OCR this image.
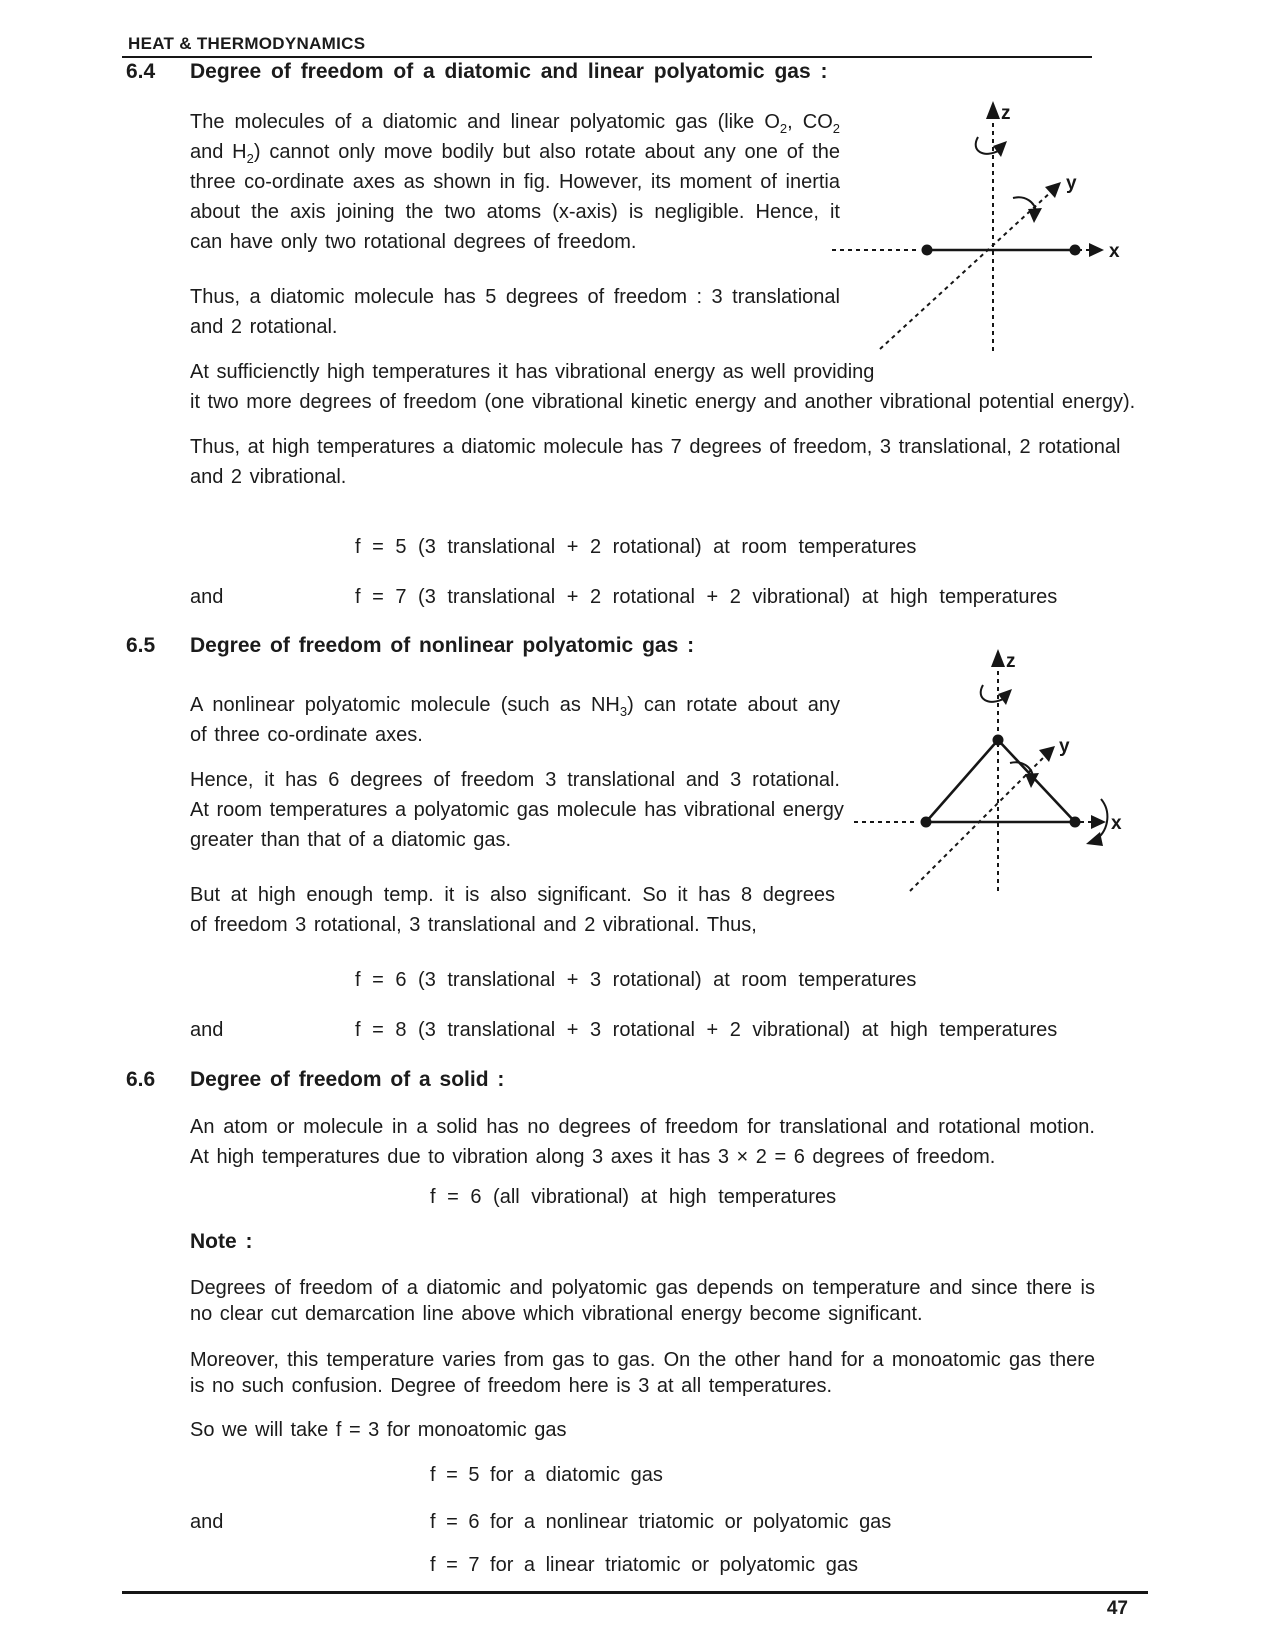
HEAT & THERMODYNAMICS
6.4 Degree of freedom of a diatomic and linear polyatomic gas :
The molecules of a diatomic and linear polyatomic gas (like $O_2$, $CO_2$
and $H_2$) cannot only move bodily but also rotate about any one of the
three co-ordinate axes as shown in fig. However, its moment of inertia
about the axis joining the two atoms (x-axis) is negligible. Hence, it
can have only two rotational degrees of freedom.
z
y
x
Thus, a diatomic molecule has 5 degrees of freedom : 3 translational
and 2 rotational.
At sufficienctly high temperatures it has vibrational energy as well providing
it two more degrees of freedom (one vibrational kinetic energy and another vibrational potential energy).
Thus, at high temperatures a diatomic molecule has 7 degrees of freedom, 3 translational, 2 rotational
and 2 vibrational.
f = 5 (3 translational + 2 rotational) at room temperatures
and	f = 7 (3 translational + 2 rotational + 2 vibrational) at high temperatures
6.5 Degree of freedom of nonlinear polyatomic gas :
A nonlinear polyatomic molecule (such as $NH_3$) can rotate about any
of three co-ordinate axes.
z
y
x
Hence, it has 6 degrees of freedom 3 translational and 3 rotational.
At room temperatures a polyatomic gas molecule has vibrational energy
greater than that of a diatomic gas.
But at high enough temp. it is also significant. So it has 8 degrees
of freedom 3 rotational, 3 translational and 2 vibrational. Thus,
f = 6 (3 translational + 3 rotational) at room temperatures
and	f = 8 (3 translational + 3 rotational + 2 vibrational) at high temperatures
6.6 Degree of freedom of a solid :
An atom or molecule in a solid has no degrees of freedom for translational and rotational motion.
At high temperatures due to vibration along 3 axes it has 3 × 2 = 6 degrees of freedom.
f = 6 (all vibrational) at high temperatures
Note :
Degrees of freedom of a diatomic and polyatomic gas depends on temperature and since there is
no clear cut demarcation line above which vibrational energy become significant.
Moreover, this temperature varies from gas to gas. On the other hand for a monoatomic gas there
is no such confusion. Degree of freedom here is 3 at all temperatures.
So we will take f = 3 for monoatomic gas
f = 5 for a diatomic gas
and	f = 6 for a nonlinear triatomic or polyatomic gas
f = 7 for a linear triatomic or polyatomic gas
47
